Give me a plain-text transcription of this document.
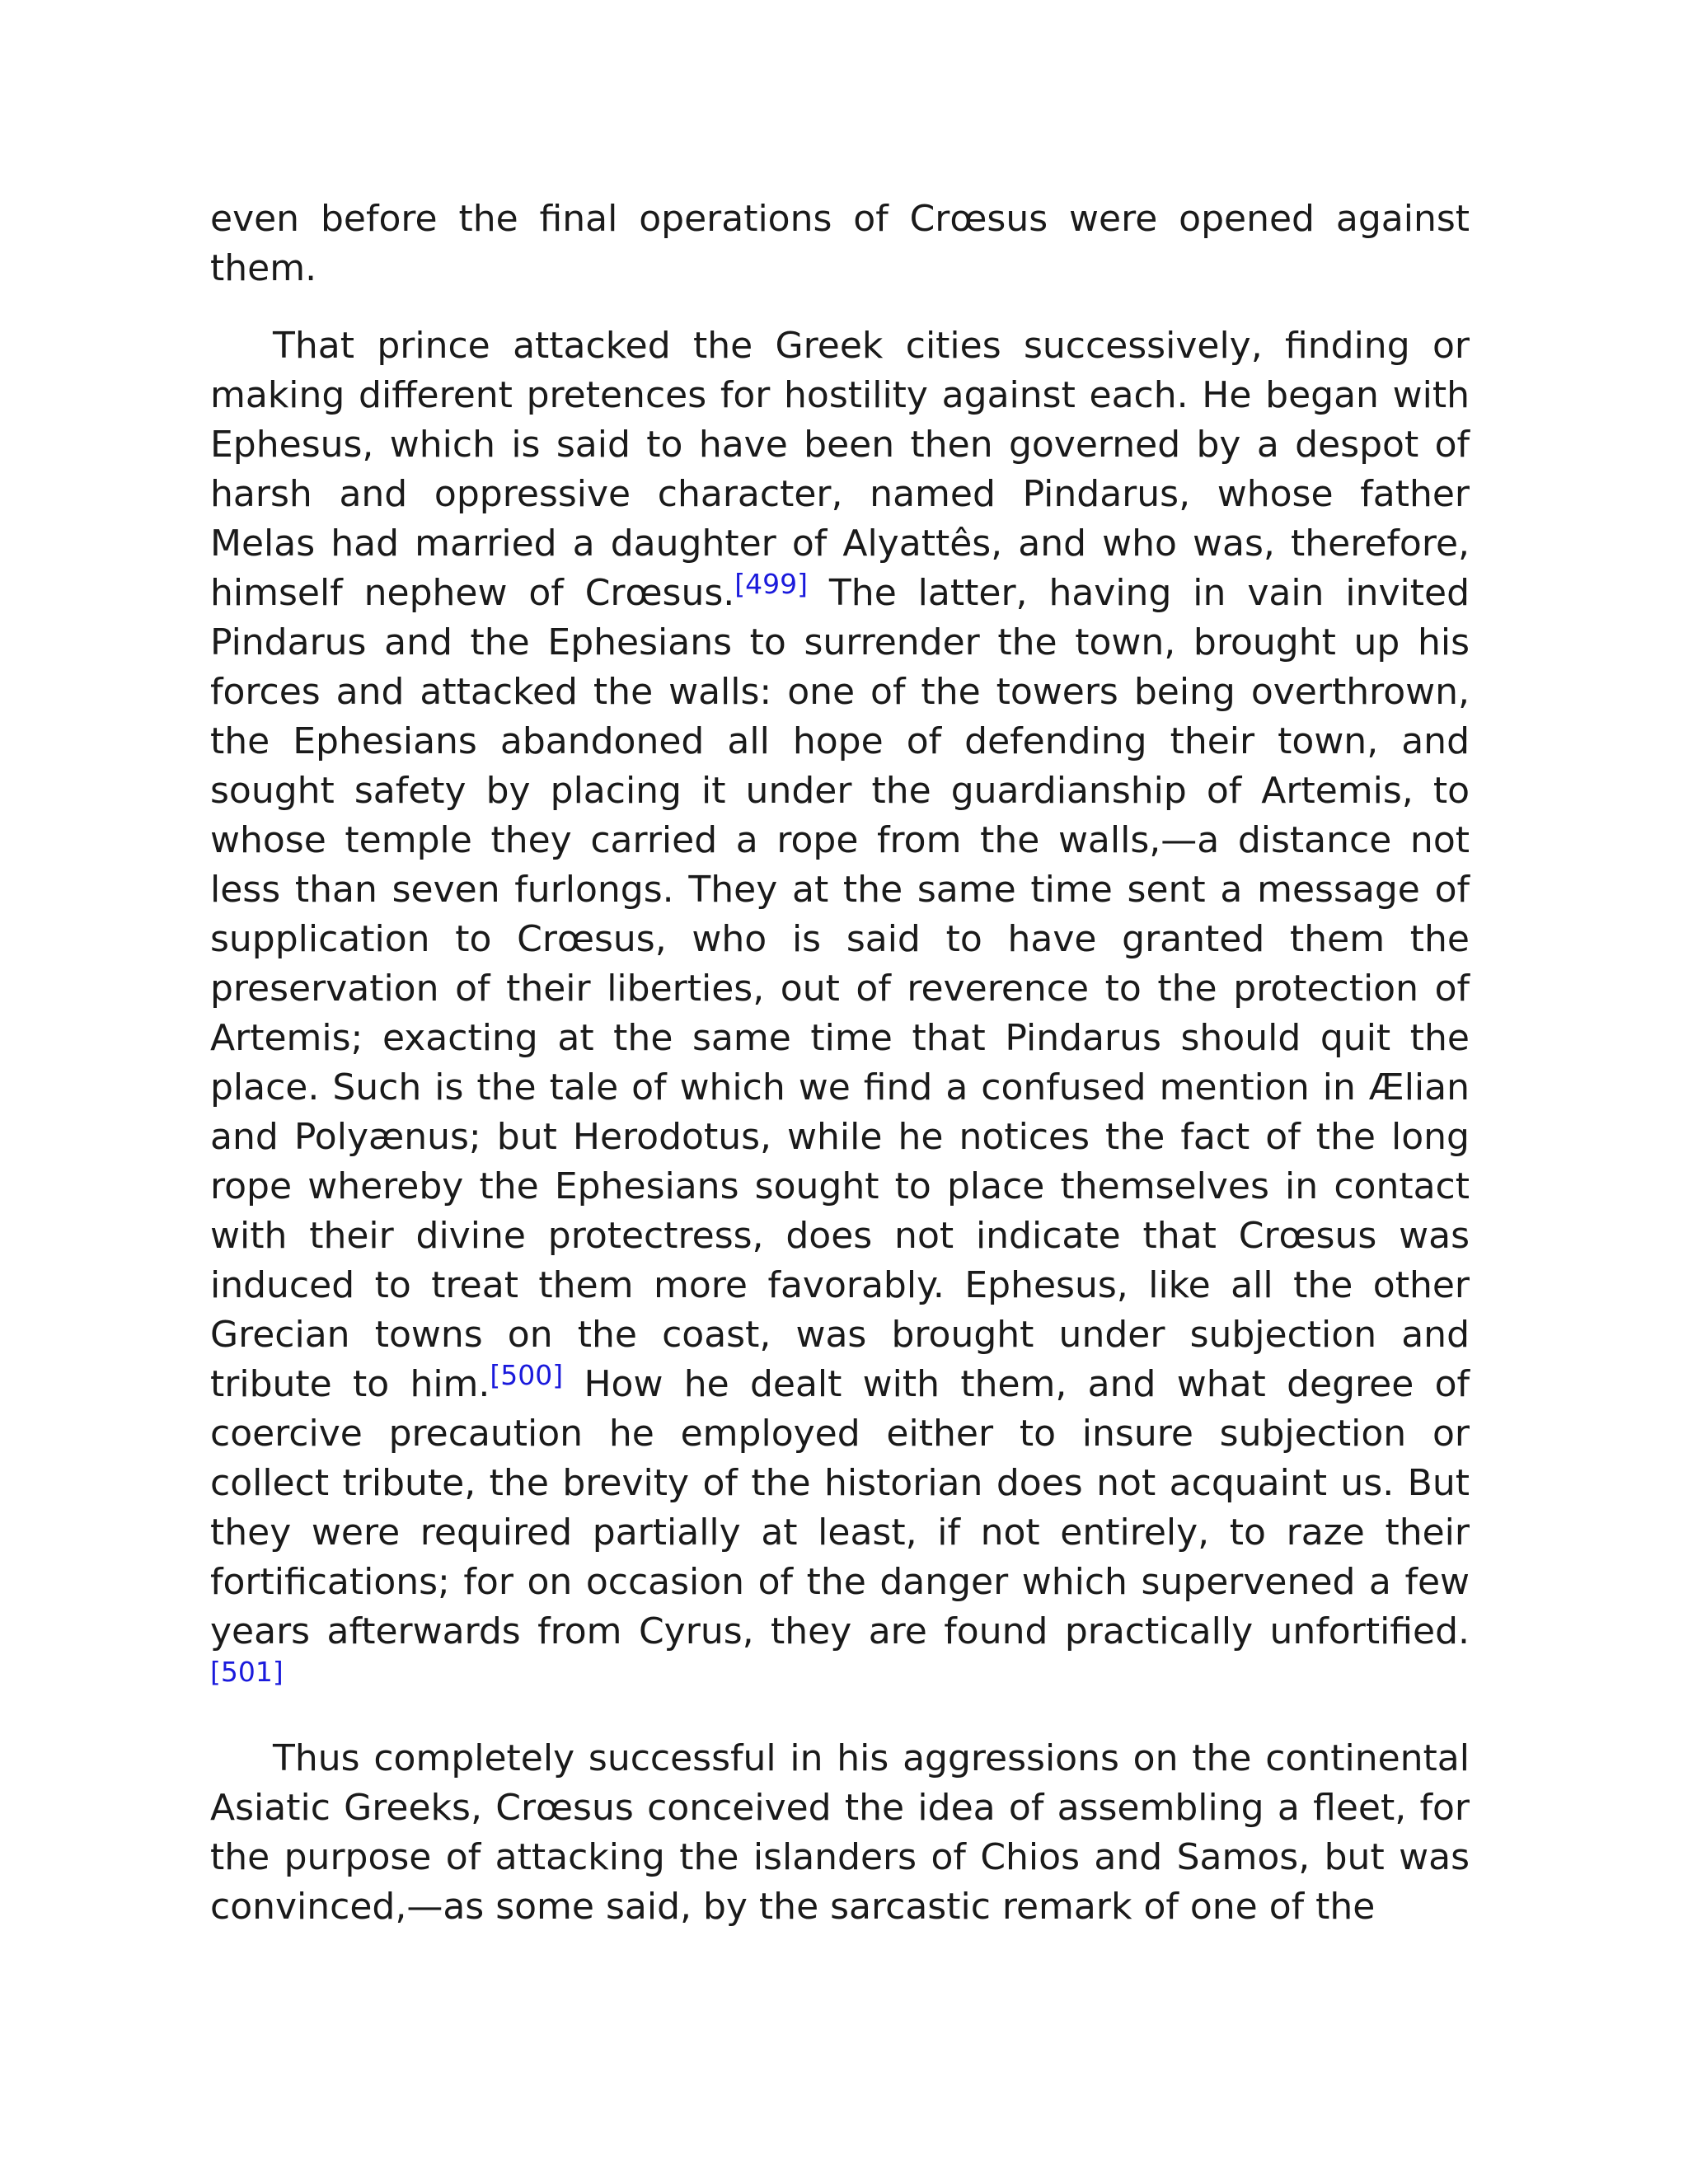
even before the final operations of Crœsus were opened against them.

That prince attacked the Greek cities successively, finding or making different pretences for hostility against each. He began with Ephesus, which is said to have been then governed by a despot of harsh and oppressive character, named Pindarus, whose father Melas had married a daughter of Alyattês, and who was, therefore, himself nephew of Crœsus.[499] The latter, having in vain invited Pindarus and the Ephesians to surrender the town, brought up his forces and attacked the walls: one of the towers being overthrown, the Ephesians abandoned all hope of defending their town, and sought safety by placing it under the guardianship of Artemis, to whose temple they carried a rope from the walls,—a distance not less than seven furlongs. They at the same time sent a message of supplication to Crœsus, who is said to have granted them the preservation of their liberties, out of reverence to the protection of Artemis; exacting at the same time that Pindarus should quit the place. Such is the tale of which we find a confused mention in Ælian and Polyænus; but Herodotus, while he notices the fact of the long rope whereby the Ephesians sought to place themselves in contact with their divine protectress, does not indicate that Crœsus was induced to treat them more favorably. Ephesus, like all the other Grecian towns on the coast, was brought under subjection and tribute to him.[500] How he dealt with them, and what degree of coercive precaution he employed either to insure subjection or collect tribute, the brevity of the historian does not acquaint us. But they were required partially at least, if not entirely, to raze their fortifications; for on occasion of the danger which supervened a few years afterwards from Cyrus, they are found practically unfortified. [501]

Thus completely successful in his aggressions on the continental Asiatic Greeks, Crœsus conceived the idea of assembling a fleet, for the purpose of attacking the islanders of Chios and Samos, but was convinced,—as some said, by the sarcastic remark of one of the
